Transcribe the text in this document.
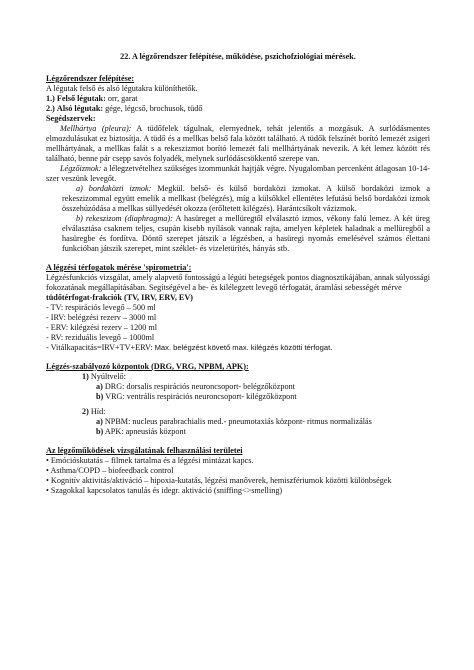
22. A légzőrendszer felépítése, működése, pszichofziológiai mérések.

Légzőrendszer felépítése:

A légutak felső és alsó légutakra különíthetők.

1.) Felső légutak: orr, garat

2.) Alsó légutak: gége, légcső, brochusok, tüdő

Segédszervek:

Mellhártya (pleura): A tüdőfelek tágulnak, elernyednek, tehát jelentős a mozgásuk. A surlódásmentes elmozdulásukat ez biztosítja. A tüdő és a mellkas belső fala között található. A tüdők felszínét borító lemezét zsigeri mellhártyának, a mellkas falát s a rekeszizmot borító lemezét fali mellhártyának nevezik. A két lemez között rés található, benne pár csepp savós folyadék, melynek surlódáscsökkentő szerepe van.

Légzőizmok: a lélegzetvételhez szükséges izommunkát hajtják végre. Nyugalomban percenként átlagosan 10-14-szer veszünk levegőt.

a) bordaközti izmok: Megkül. belső- és külső bordaközi izmokat. A külső bordaközi izmok a rekeszizommal együtt emelik a mellkast (belégzés), míg a külsőkkel ellentétes lefutású belső bordaközi izmok összehúzódása a mellkas süllyedését okozza (erőltetett kilégzés). Harántcsíkolt vázizmok.

b) rekeszizom (diaphragma): A hasüreget a mellüregtől elválasztó izmos, vékony falú lemez. A két üreg elválasztása csaknem teljes, csupán kisebb nyílások vannak rajta, amelyen képletek haladnak a mellüregből a hasüregbe és fordítva. Döntő szerepet játszik a légzésben, a hasüregi nyomás emelésével számos élettani funkcióban játszik szerepet, mint széklet- és vizeletürítés, hányás stb.

A légzési térfogatok mérése 'spirometria':

Légzésfunkciós vizsgálat, amely alapvető fontosságú a légúti betegségek pontos diagnosztikájában, annak súlyossági fokozatának megállapításában. Segítségével a be- és kilélegzett levegő térfogatát, áramlási sebességét mérve

tüdőtérfogat-frakciók (TV, IRV, ERV, EV)

- TV: respirációs levegő – 500 ml

- IRV: belégzési rezerv – 3000 ml

- ERV: kilégzési rezerv – 1200 ml

- RV: reziduális levegő – 1000ml

- Vitálkapacitás=IRV+TV+ERV: Max. belégzést követő max. kilégzés közötti térfogat.

Légzés-szabályozó központok (DRG, VRG, NPBM, APK):

1) Nyúltvelő:

a) DRG: dorsalis respirációs neuroncsoport- belégzőközpont

b) VRG: ventrális respirációs neuroncsoport- kilégzőközpont

2) Híd:

a) NPBM: nucleus parabrachialis med.- pneumotaxiás központ- ritmus normalizálás

b) APK: apneusiás központ

Az légzőműködések vizsgálatának felhasználási területei

• Emócióskutatás – filmek tartalma és a légzési mintázat kapcs.

• Asthma/COPD – biofeedback control

• Kognitív aktivitás/aktiváció – hipoxia-kutatás, légzési manőverek, hemiszfériumok közötti különbségek

• Szagokkal kapcsolatos tanulás és idegr. aktiváció (sniffing<>smelling)
